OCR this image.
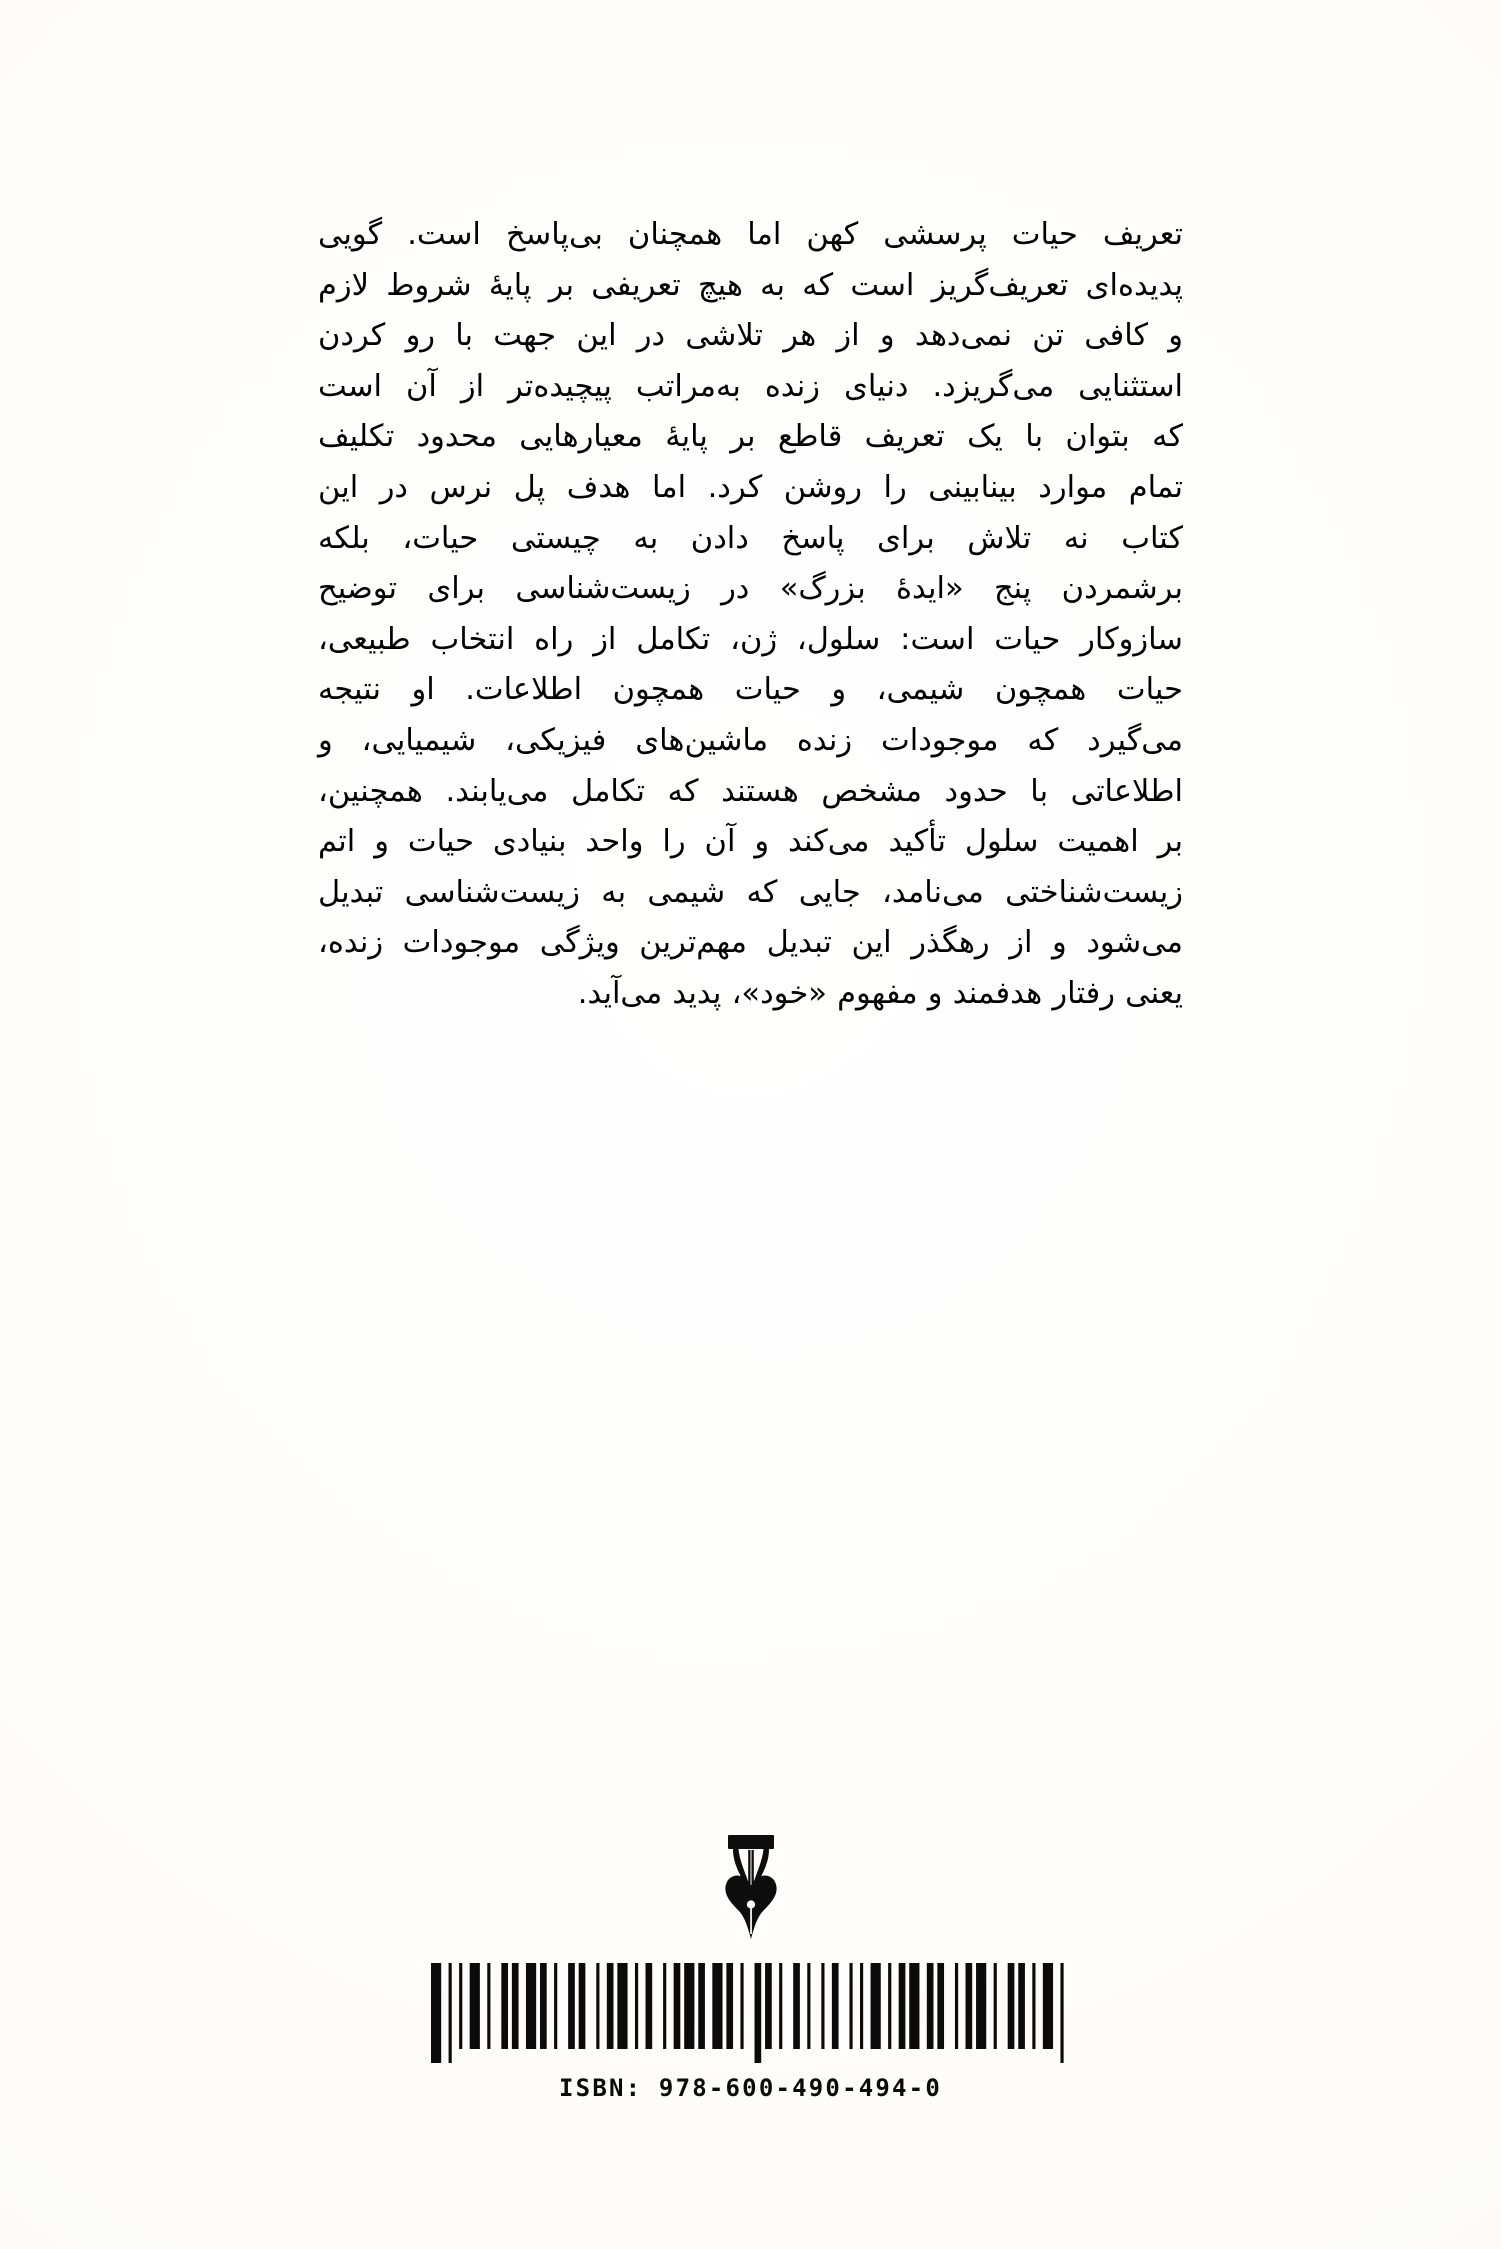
تعریف حیات پرسشی کهن اما همچنان بی‌پاسخ است. گویی
پدیده‌ای تعریف‌گریز است که به هیچ تعریفی بر پایهٔ شروط لازم
و کافی تن نمی‌دهد و از هر تلاشی در این جهت با رو کردن
استثنایی می‌گریزد. دنیای زنده به‌مراتب پیچیده‌تر از آن است
که بتوان با یک تعریف قاطع بر پایهٔ معیارهایی محدود تکلیف
تمام موارد بینابینی را روشن کرد. اما هدف پل نرس در این
کتاب نه تلاش برای پاسخ دادن به چیستی حیات، بلکه
برشمردن پنج «ایدهٔ بزرگ» در زیست‌شناسی برای توضیح
سازوکار حیات است: سلول، ژن، تکامل از راه انتخاب طبیعی،
حیات همچون شیمی، و حیات همچون اطلاعات. او نتیجه
می‌گیرد که موجودات زنده ماشین‌های فیزیکی، شیمیایی، و
اطلاعاتی با حدود مشخص هستند که تکامل می‌یابند. همچنین،
بر اهمیت سلول تأکید می‌کند و آن را واحد بنیادی حیات و اتم
زیست‌شناختی می‌نامد، جایی که شیمی به زیست‌شناسی تبدیل
می‌شود و از رهگذر این تبدیل مهم‌ترین ویژگی موجودات زنده،
یعنی رفتار هدفمند و مفهوم «خود»، پدید می‌آید.
ISBN: 978-600-490-494-0
